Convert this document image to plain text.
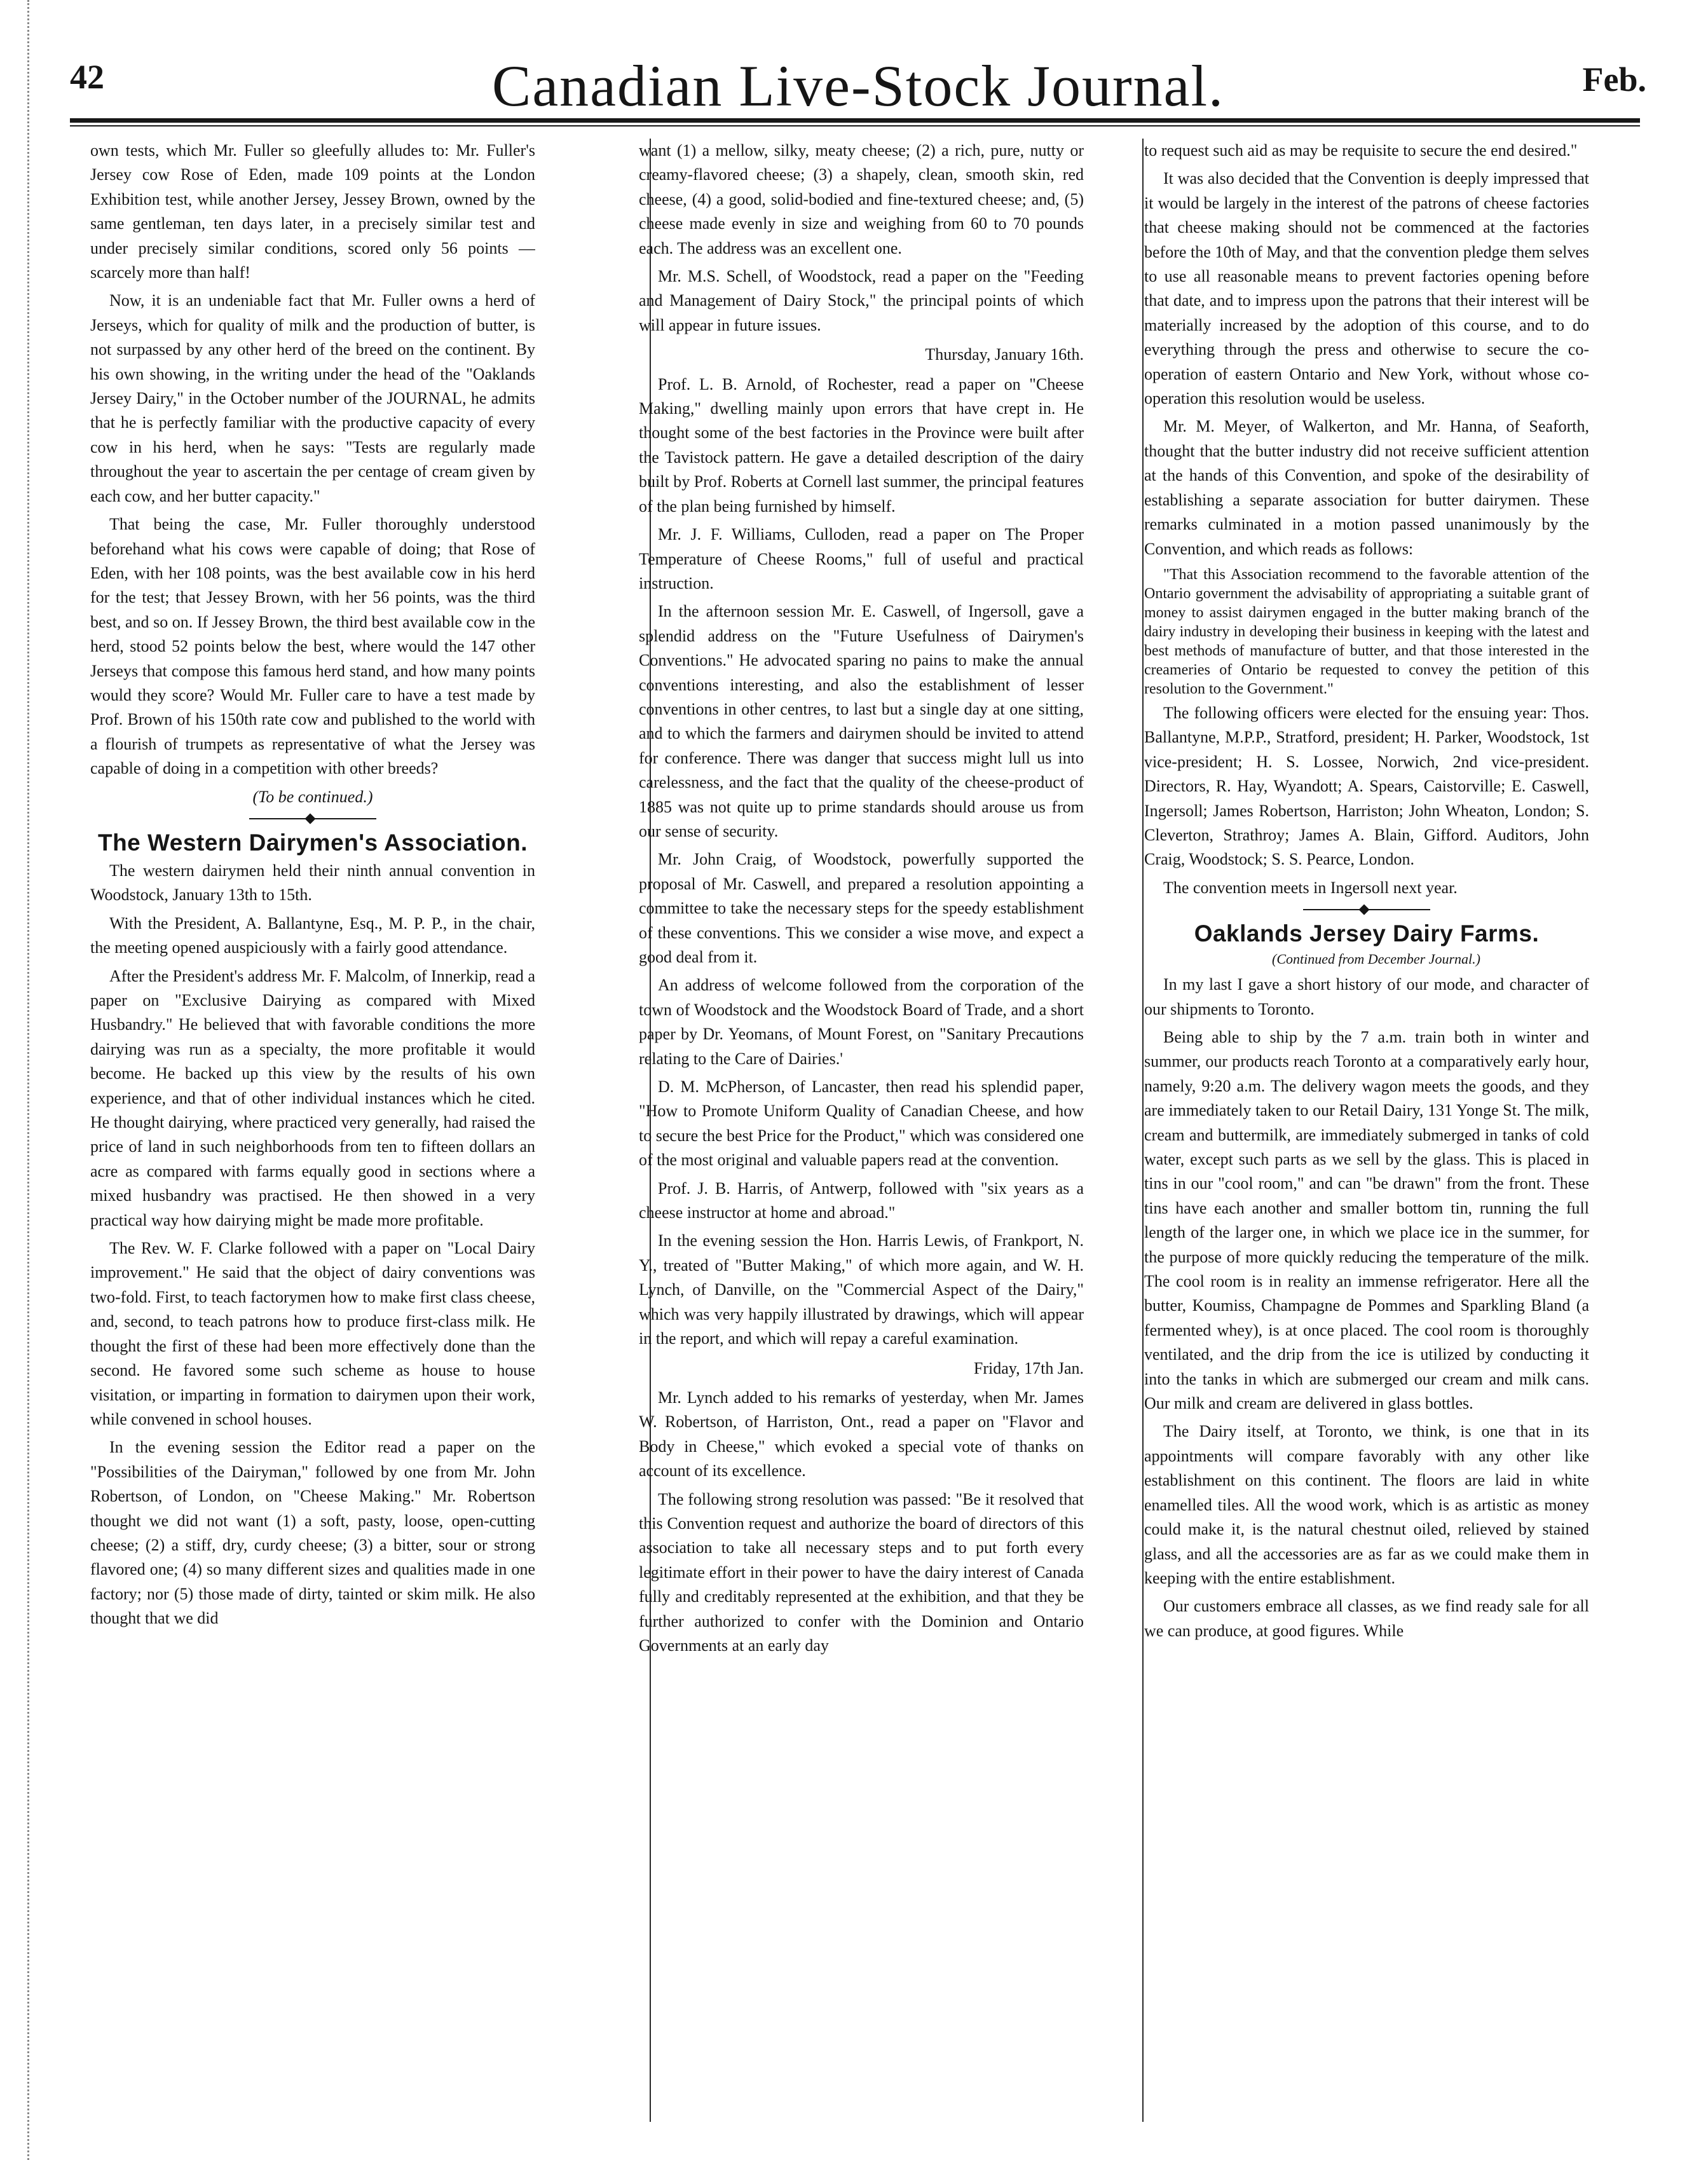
42	Canadian Live-Stock Journal.	Feb.

own tests, which Mr. Fuller so gleefully alludes to: Mr. Fuller's Jersey cow Rose of Eden, made 109 points at the London Exhibition test, while another Jersey, Jessey Brown, owned by the same gentleman, ten days later, in a precisely similar test and under precisely similar conditions, scored only 56 points —scarcely more than half!

Now, it is an undeniable fact that Mr. Fuller owns a herd of Jerseys, which for quality of milk and the production of butter, is not surpassed by any other herd of the breed on the continent. By his own showing, in the writing under the head of the "Oaklands Jersey Dairy," in the October number of the JOURNAL, he admits that he is perfectly familiar with the productive capacity of every cow in his herd, when he says: "Tests are regularly made throughout the year to ascertain the per centage of cream given by each cow, and her butter capacity."

That being the case, Mr. Fuller thoroughly understood beforehand what his cows were capable of doing; that Rose of Eden, with her 108 points, was the best available cow in his herd for the test; that Jessey Brown, with her 56 points, was the third best, and so on. If Jessey Brown, the third best available cow in the herd, stood 52 points below the best, where would the 147 other Jerseys that compose this famous herd stand, and how many points would they score? Would Mr. Fuller care to have a test made by Prof. Brown of his 150th rate cow and published to the world with a flourish of trumpets as representative of what the Jersey was capable of doing in a competition with other breeds?

(To be continued.)

The Western Dairymen's Association.

The western dairymen held their ninth annual convention in Woodstock, January 13th to 15th.

With the President, A. Ballantyne, Esq., M. P. P., in the chair, the meeting opened auspiciously with a fairly good attendance.

After the President's address Mr. F. Malcolm, of Innerkip, read a paper on "Exclusive Dairying as compared with Mixed Husbandry." He believed that with favorable conditions the more dairying was run as a specialty, the more profitable it would become. He backed up this view by the results of his own experience, and that of other individual instances which he cited. He thought dairying, where practiced very generally, had raised the price of land in such neighborhoods from ten to fifteen dollars an acre as compared with farms equally good in sections where a mixed husbandry was practised. He then showed in a very practical way how dairying might be made more profitable.

The Rev. W. F. Clarke followed with a paper on "Local Dairy improvement." He said that the object of dairy conventions was two-fold. First, to teach factorymen how to make first class cheese, and, second, to teach patrons how to produce first-class milk. He thought the first of these had been more effectively done than the second. He favored some such scheme as house to house visitation, or imparting in formation to dairymen upon their work, while convened in school houses.

In the evening session the Editor read a paper on the "Possibilities of the Dairyman," followed by one from Mr. John Robertson, of London, on "Cheese Making." Mr. Robertson thought we did not want (1) a soft, pasty, loose, open-cutting cheese; (2) a stiff, dry, curdy cheese; (3) a bitter, sour or strong flavored one; (4) so many different sizes and qualities made in one factory; nor (5) those made of dirty, tainted or skim milk. He also thought that we did

want (1) a mellow, silky, meaty cheese; (2) a rich, pure, nutty or creamy-flavored cheese; (3) a shapely, clean, smooth skin, red cheese, (4) a good, solid-bodied and fine-textured cheese; and, (5) cheese made evenly in size and weighing from 60 to 70 pounds each. The address was an excellent one.

Mr. M.S. Schell, of Woodstock, read a paper on the "Feeding and Management of Dairy Stock," the principal points of which will appear in future issues.

Thursday, January 16th.

Prof. L. B. Arnold, of Rochester, read a paper on "Cheese Making," dwelling mainly upon errors that have crept in. He thought some of the best factories in the Province were built after the Tavistock pattern. He gave a detailed description of the dairy built by Prof. Roberts at Cornell last summer, the principal features of the plan being furnished by himself.

Mr. J. F. Williams, Culloden, read a paper on The Proper Temperature of Cheese Rooms," full of useful and practical instruction.

In the afternoon session Mr. E. Caswell, of Ingersoll, gave a splendid address on the "Future Usefulness of Dairymen's Conventions." He advocated sparing no pains to make the annual conventions interesting, and also the establishment of lesser conventions in other centres, to last but a single day at one sitting, and to which the farmers and dairymen should be invited to attend for conference. There was danger that success might lull us into carelessness, and the fact that the quality of the cheese-product of 1885 was not quite up to prime standards should arouse us from our sense of security.

Mr. John Craig, of Woodstock, powerfully supported the proposal of Mr. Caswell, and prepared a resolution appointing a committee to take the necessary steps for the speedy establishment of these conventions. This we consider a wise move, and expect a good deal from it.

An address of welcome followed from the corporation of the town of Woodstock and the Woodstock Board of Trade, and a short paper by Dr. Yeomans, of Mount Forest, on "Sanitary Precautions relating to the Care of Dairies.'

D. M. McPherson, of Lancaster, then read his splendid paper, "How to Promote Uniform Quality of Canadian Cheese, and how to secure the best Price for the Product," which was considered one of the most original and valuable papers read at the convention.

Prof. J. B. Harris, of Antwerp, followed with "six years as a cheese instructor at home and abroad."

In the evening session the Hon. Harris Lewis, of Frankport, N. Y., treated of "Butter Making," of which more again, and W. H. Lynch, of Danville, on the "Commercial Aspect of the Dairy," which was very happily illustrated by drawings, which will appear in the report, and which will repay a careful examination.

Friday, 17th Jan.

Mr. Lynch added to his remarks of yesterday, when Mr. James W. Robertson, of Harriston, Ont., read a paper on "Flavor and Body in Cheese," which evoked a special vote of thanks on account of its excellence.

The following strong resolution was passed: "Be it resolved that this Convention request and authorize the board of directors of this association to take all necessary steps and to put forth every legitimate effort in their power to have the dairy interest of Canada fully and creditably represented at the exhibition, and that they be further authorized to confer with the Dominion and Ontario Governments at an early day

to request such aid as may be requisite to secure the end desired."

It was also decided that the Convention is deeply impressed that it would be largely in the interest of the patrons of cheese factories that cheese making should not be commenced at the factories before the 10th of May, and that the convention pledge them selves to use all reasonable means to prevent factories opening before that date, and to impress upon the patrons that their interest will be materially increased by the adoption of this course, and to do everything through the press and otherwise to secure the co-operation of eastern Ontario and New York, without whose co-operation this resolution would be useless.

Mr. M. Meyer, of Walkerton, and Mr. Hanna, of Seaforth, thought that the butter industry did not receive sufficient attention at the hands of this Convention, and spoke of the desirability of establishing a separate association for butter dairymen. These remarks culminated in a motion passed unanimously by the Convention, and which reads as follows:

"That this Association recommend to the favorable attention of the Ontario government the advisability of appropriating a suitable grant of money to assist dairymen engaged in the butter making branch of the dairy industry in developing their business in keeping with the latest and best methods of manufacture of butter, and that those interested in the creameries of Ontario be requested to convey the petition of this resolution to the Government."

The following officers were elected for the ensuing year: Thos. Ballantyne, M.P.P., Stratford, president; H. Parker, Woodstock, 1st vice-president; H. S. Lossee, Norwich, 2nd vice-president. Directors, R. Hay, Wyandott; A. Spears, Caistorville; E. Caswell, Ingersoll; James Robertson, Harriston; John Wheaton, London; S. Cleverton, Strathroy; James A. Blain, Gifford. Auditors, John Craig, Woodstock; S. S. Pearce, London.

The convention meets in Ingersoll next year.

Oaklands Jersey Dairy Farms.

(Continued from December Journal.)

In my last I gave a short history of our mode, and character of our shipments to Toronto.

Being able to ship by the 7 a.m. train both in winter and summer, our products reach Toronto at a comparatively early hour, namely, 9:20 a.m. The delivery wagon meets the goods, and they are immediately taken to our Retail Dairy, 131 Yonge St. The milk, cream and buttermilk, are immediately submerged in tanks of cold water, except such parts as we sell by the glass. This is placed in tins in our "cool room," and can "be drawn" from the front. These tins have each another and smaller bottom tin, running the full length of the larger one, in which we place ice in the summer, for the purpose of more quickly reducing the temperature of the milk. The cool room is in reality an immense refrigerator. Here all the butter, Koumiss, Champagne de Pommes and Sparkling Bland (a fermented whey), is at once placed. The cool room is thoroughly ventilated, and the drip from the ice is utilized by conducting it into the tanks in which are submerged our cream and milk cans. Our milk and cream are delivered in glass bottles.

The Dairy itself, at Toronto, we think, is one that in its appointments will compare favorably with any other like establishment on this continent. The floors are laid in white enamelled tiles. All the wood work, which is as artistic as money could make it, is the natural chestnut oiled, relieved by stained glass, and all the accessories are as far as we could make them in keeping with the entire establishment.

Our customers embrace all classes, as we find ready sale for all we can produce, at good figures. While
